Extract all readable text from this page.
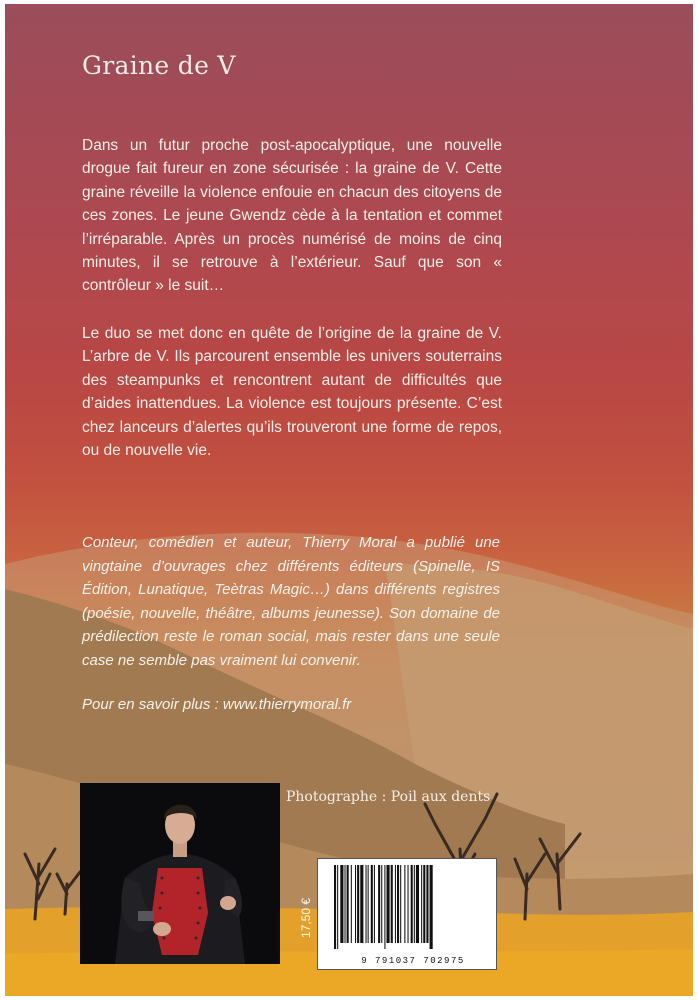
Graine de V

Dans un futur proche post-apocalyptique, une nouvelle drogue fait fureur en zone sécurisée : la graine de V. Cette graine réveille la violence enfouie en chacun des citoyens de ces zones. Le jeune Gwendz cède à la tentation et commet l’irréparable. Après un procès numérisé de moins de cinq minutes, il se retrouve à l’extérieur. Sauf que son « contrôleur » le suit…

Le duo se met donc en quête de l’origine de la graine de V. L’arbre de V. Ils parcourent ensemble les univers souterrains des steampunks et rencontrent autant de difficultés que d’aides inattendues. La violence est toujours présente. C’est chez lanceurs d’alertes qu’ils trouveront une forme de repos, ou de nouvelle vie.

Conteur, comédien et auteur, Thierry Moral a publié une vingtaine d’ouvrages chez différents éditeurs (Spinelle, IS Édition, Lunatique, Teètras Magic…) dans différents registres (poésie, nouvelle, théâtre, albums jeunesse). Son domaine de prédilection reste le roman social, mais rester dans une seule case ne semble pas vraiment lui convenir.

Pour en savoir plus : www.thierrymoral.fr

Photographe : Poil aux dents
17,50 €
9 791037 702975
